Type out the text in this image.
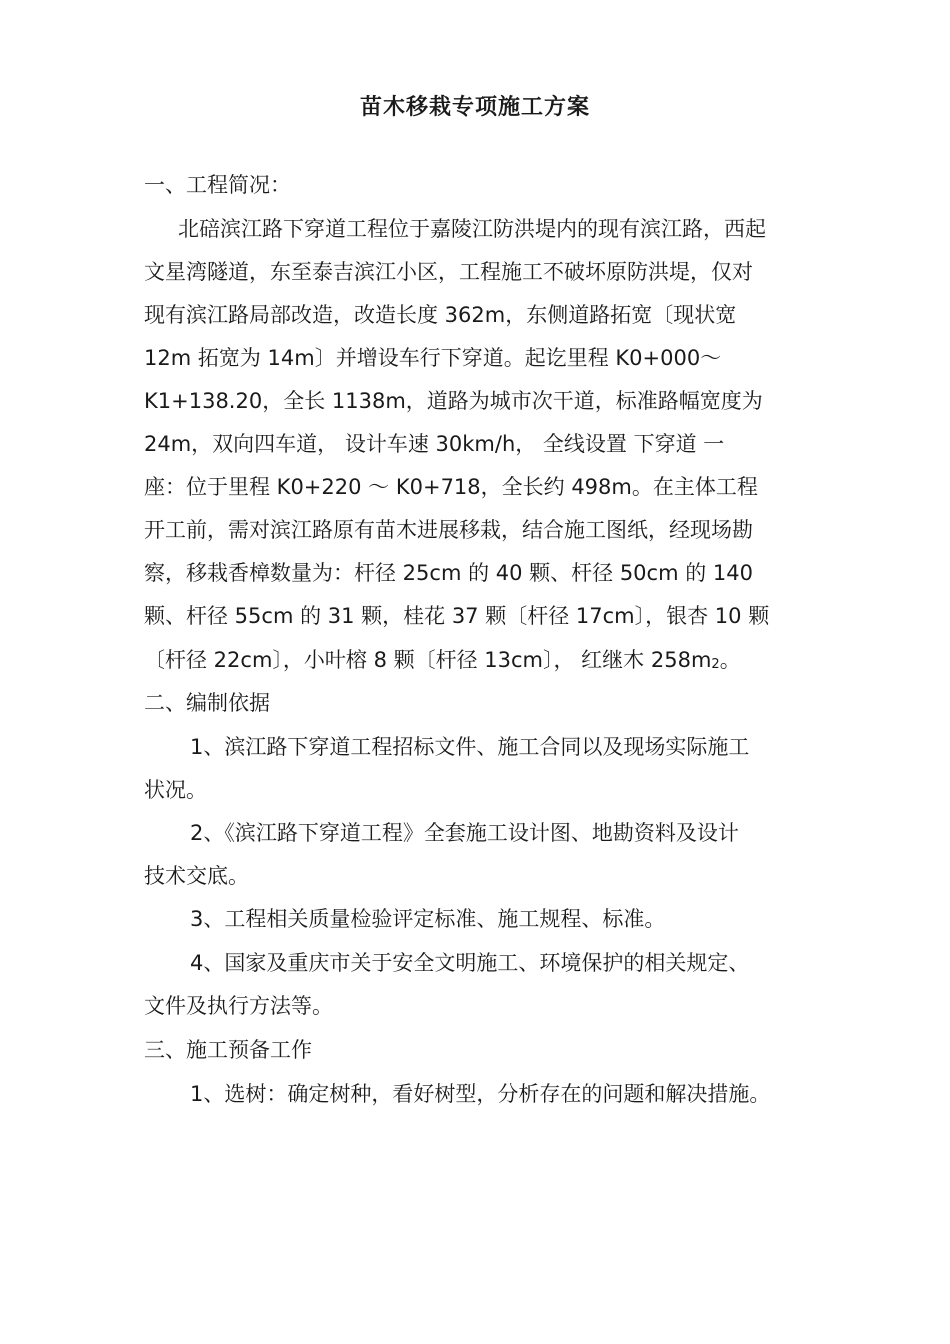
苗木移栽专项施工方案
一、工程简况：
北碚滨江路下穿道工程位于嘉陵江防洪堤内的现有滨江路，西起
文星湾隧道，东至泰吉滨江小区，工程施工不破坏原防洪堤，仅对
现有滨江路局部改造，改造长度 362m，东侧道路拓宽〔现状宽
12m 拓宽为 14m〕并增设车行下穿道。起讫里程 K0+000～
K1+138.20，全长 1138m，道路为城市次干道，标准路幅宽度为
24m，双向四车道， 设计车速 30km/h， 全线设置 下穿道 一
座：位于里程 K0+220 ～ K0+718，全长约 498m。在主体工程
开工前，需对滨江路原有苗木进展移栽，结合施工图纸，经现场勘
察，移栽香樟数量为：杆径 25cm 的 40 颗、杆径 50cm 的 140
颗、杆径 55cm 的 31 颗，桂花 37 颗〔杆径 17cm〕，银杏 10 颗
〔杆径 22cm〕，小叶榕 8 颗〔杆径 13cm〕， 红继木 $258m^2$。
二、编制依据
1、滨江路下穿道工程招标文件、施工合同以及现场实际施工
状况。
2、《滨江路下穿道工程》全套施工设计图、地勘资料及设计
技术交底。
3、工程相关质量检验评定标准、施工规程、标准。
4、国家及重庆市关于安全文明施工、环境保护的相关规定、
文件及执行方法等。
三、施工预备工作
1、选树：确定树种，看好树型，分析存在的问题和解决措施。
